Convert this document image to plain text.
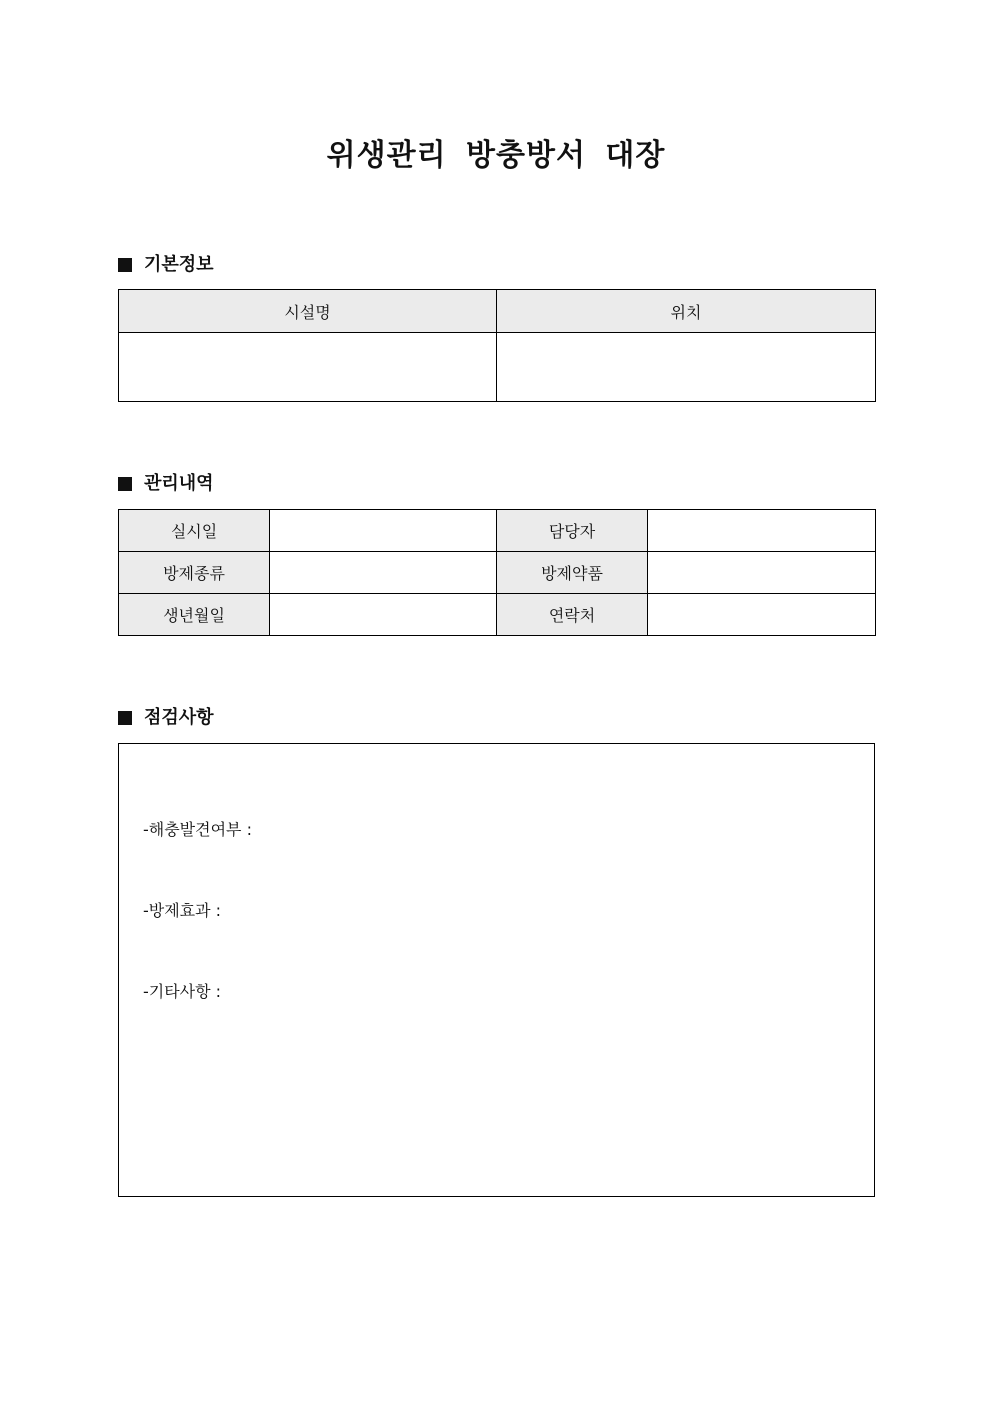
위생관리 방충방서 대장
기본정보
시설명	위치

관리내역
실시일		담당자	
방제종류		방제약품	
생년월일		연락처	
점검사항

-해충발견여부 :

-방제효과 :

-기타사항 :
